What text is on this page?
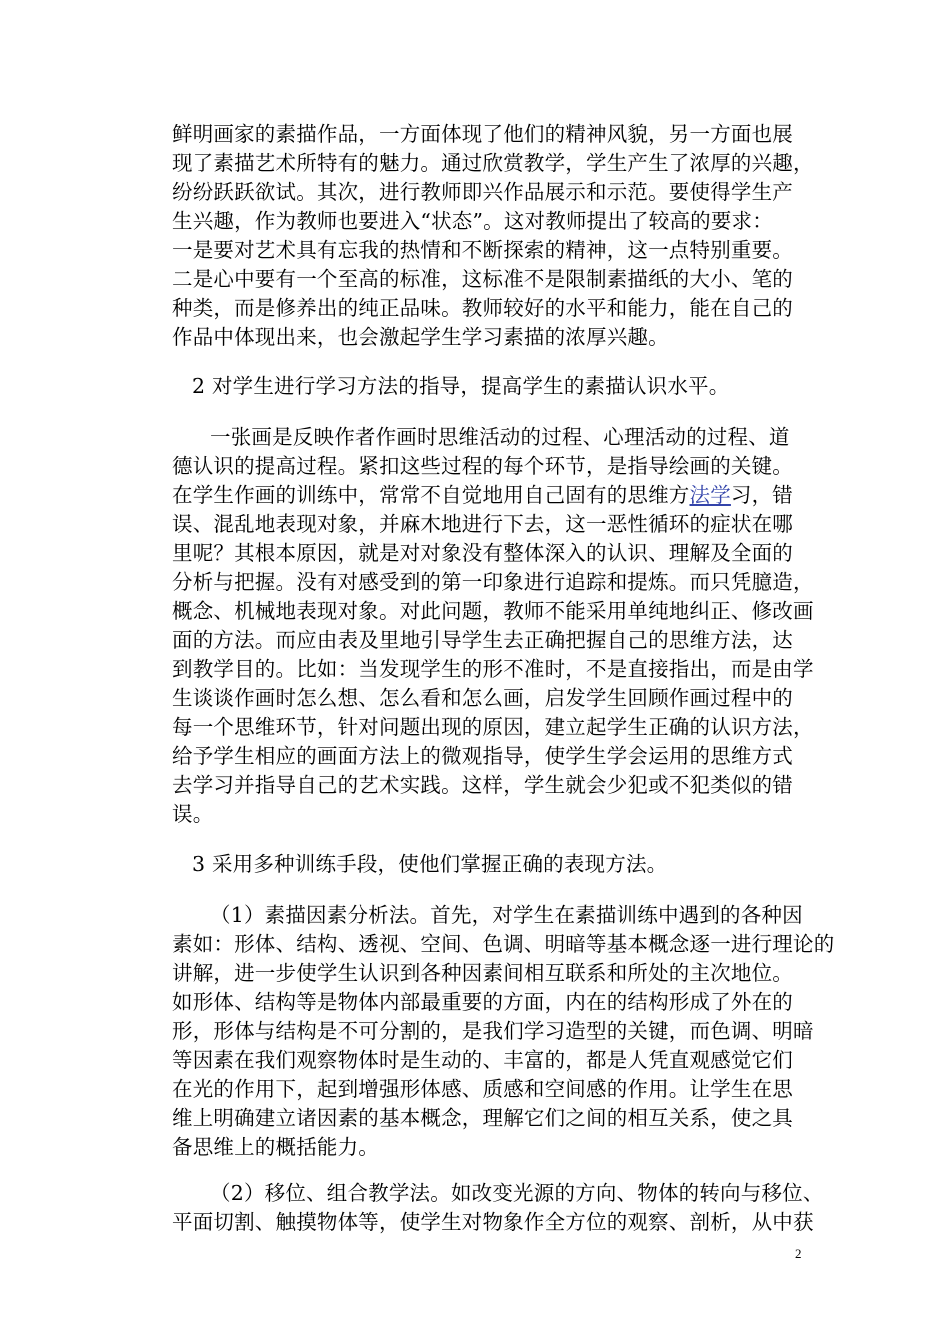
鲜明画家的素描作品，一方面体现了他们的精神风貌，另一方面也展
现了素描艺术所特有的魅力。通过欣赏教学，学生产生了浓厚的兴趣，
纷纷跃跃欲试。其次，进行教师即兴作品展示和示范。要使得学生产
生兴趣，作为教师也要进入“状态”。这对教师提出了较高的要求：
一是要对艺术具有忘我的热情和不断探索的精神，这一点特别重要。
二是心中要有一个至高的标准，这标准不是限制素描纸的大小、笔的
种类，而是修养出的纯正品味。教师较好的水平和能力，能在自己的
作品中体现出来，也会激起学生学习素描的浓厚兴趣。
2 对学生进行学习方法的指导，提高学生的素描认识水平。
一张画是反映作者作画时思维活动的过程、心理活动的过程、道
德认识的提高过程。紧扣这些过程的每个环节，是指导绘画的关键。
在学生作画的训练中，常常不自觉地用自己固有的思维方法学习，错
误、混乱地表现对象，并麻木地进行下去，这一恶性循环的症状在哪
里呢？其根本原因，就是对对象没有整体深入的认识、理解及全面的
分析与把握。没有对感受到的第一印象进行追踪和提炼。而只凭臆造，
概念、机械地表现对象。对此问题，教师不能采用单纯地纠正、修改画
面的方法。而应由表及里地引导学生去正确把握自己的思维方法，达
到教学目的。比如：当发现学生的形不准时，不是直接指出，而是由学
生谈谈作画时怎么想、怎么看和怎么画，启发学生回顾作画过程中的
每一个思维环节，针对问题出现的原因，建立起学生正确的认识方法，
给予学生相应的画面方法上的微观指导，使学生学会运用的思维方式
去学习并指导自己的艺术实践。这样，学生就会少犯或不犯类似的错
误。
3 采用多种训练手段，使他们掌握正确的表现方法。
（1）素描因素分析法。首先，对学生在素描训练中遇到的各种因
素如：形体、结构、透视、空间、色调、明暗等基本概念逐一进行理论的
讲解，进一步使学生认识到各种因素间相互联系和所处的主次地位。
如形体、结构等是物体内部最重要的方面，内在的结构形成了外在的
形，形体与结构是不可分割的，是我们学习造型的关键，而色调、明暗
等因素在我们观察物体时是生动的、丰富的，都是人凭直观感觉它们
在光的作用下，起到增强形体感、质感和空间感的作用。让学生在思
维上明确建立诸因素的基本概念，理解它们之间的相互关系，使之具
备思维上的概括能力。
2
（2）移位、组合教学法。如改变光源的方向、物体的转向与移位、
平面切割、触摸物体等，使学生对物象作全方位的观察、剖析，从中获
